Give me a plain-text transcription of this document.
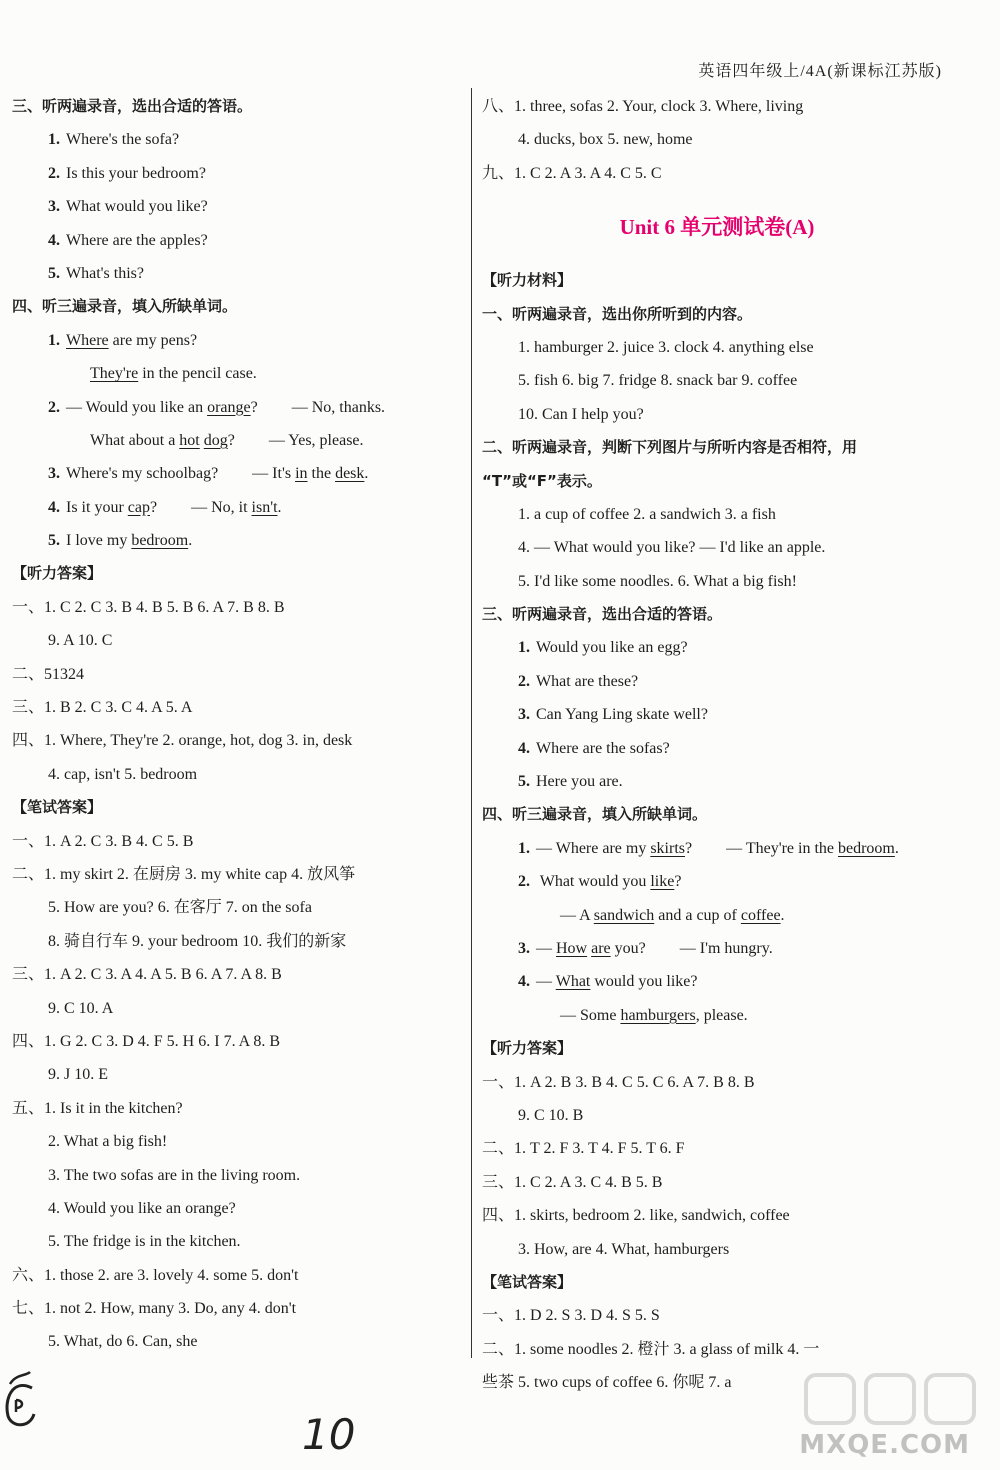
英语四年级上/4A(新课标江苏版)
三、听两遍录音，选出合适的答语。
1. Where's the sofa?
2. Is this your bedroom?
3. What would you like?
4. Where are the apples?
5. What's this?
四、听三遍录音，填入所缺单词。
1. Where are my pens?
They're in the pencil case.
2. — Would you like an orange? — No, thanks.
What about a hot dog? — Yes, please.
3. Where's my schoolbag? — It's in the desk.
4. Is it your cap? — No, it isn't.
5. I love my bedroom.
【听力答案】
一、1. C 2. C 3. B 4. B 5. B 6. A 7. B 8. B
9. A 10. C
二、51324
三、1. B 2. C 3. C 4. A 5. A
四、1. Where, They're 2. orange, hot, dog 3. in, desk
4. cap, isn't 5. bedroom
【笔试答案】
一、1. A 2. C 3. B 4. C 5. B
二、1. my skirt 2. 在厨房 3. my white cap 4. 放风筝
5. How are you? 6. 在客厅 7. on the sofa
8. 骑自行车 9. your bedroom 10. 我们的新家
三、1. A 2. C 3. A 4. A 5. B 6. A 7. A 8. B
9. C 10. A
四、1. G 2. C 3. D 4. F 5. H 6. I 7. A 8. B
9. J 10. E
五、1. Is it in the kitchen?
2. What a big fish!
3. The two sofas are in the living room.
4. Would you like an orange?
5. The fridge is in the kitchen.
六、1. those 2. are 3. lovely 4. some 5. don't
七、1. not 2. How, many 3. Do, any 4. don't
5. What, do 6. Can, she
八、1. three, sofas 2. Your, clock 3. Where, living
4. ducks, box 5. new, home
九、1. C 2. A 3. A 4. C 5. C
Unit 6 单元测试卷(A)
【听力材料】
一、听两遍录音，选出你所听到的内容。
1. hamburger 2. juice 3. clock 4. anything else
5. fish 6. big 7. fridge 8. snack bar 9. coffee
10. Can I help you?
二、听两遍录音，判断下列图片与所听内容是否相符，用
“T”或“F”表示。
1. a cup of coffee 2. a sandwich 3. a fish
4. — What would you like? — I'd like an apple.
5. I'd like some noodles. 6. What a big fish!
三、听两遍录音，选出合适的答语。
1. Would you like an egg?
2. What are these?
3. Can Yang Ling skate well?
4. Where are the sofas?
5. Here you are.
四、听三遍录音，填入所缺单词。
1. — Where are my skirts? — They're in the bedroom.
2. What would you like?
— A sandwich and a cup of coffee.
3. — How are you? — I'm hungry.
4. — What would you like?
— Some hamburgers, please.
【听力答案】
一、1. A 2. B 3. B 4. C 5. C 6. A 7. B 8. B
9. C 10. B
二、1. T 2. F 3. T 4. F 5. T 6. F
三、1. C 2. A 3. C 4. B 5. B
四、1. skirts, bedroom 2. like, sandwich, coffee
3. How, are 4. What, hamburgers
【笔试答案】
一、1. D 2. S 3. D 4. S 5. S
二、1. some noodles 2. 橙汁 3. a glass of milk 4. 一
些茶 5. two cups of coffee 6. 你呢 7. a
10	MXQE.COM
